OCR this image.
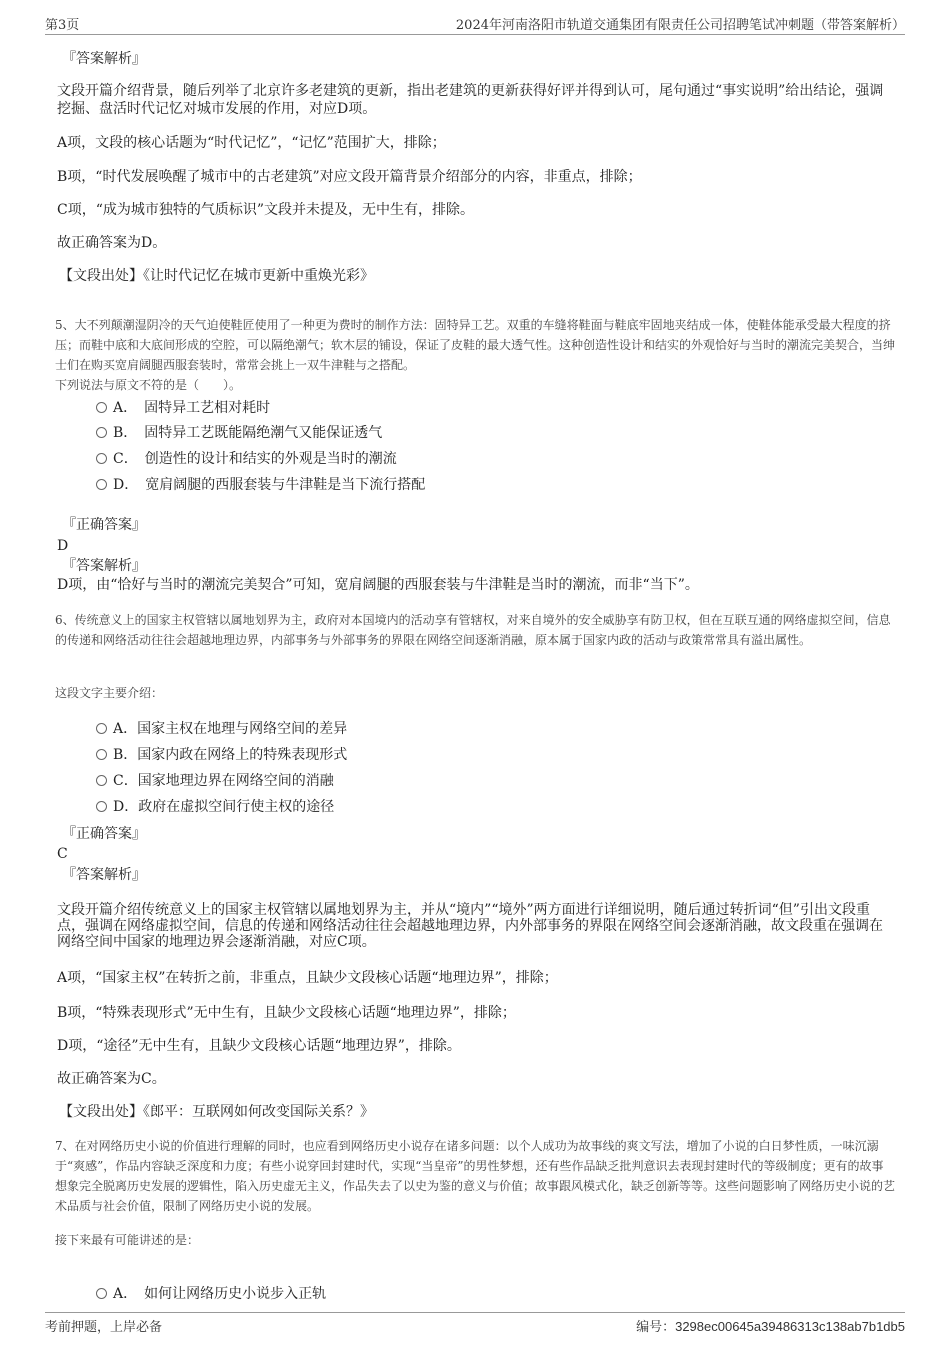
第3页	2024年河南洛阳市轨道交通集团有限责任公司招聘笔试冲刺题（带答案解析）
『答案解析』

文段开篇介绍背景，随后列举了北京许多老建筑的更新，指出老建筑的更新获得好评并得到认可，尾句通过“事实说明”给出结论，强调挖掘、盘活时代记忆对城市发展的作用，对应D项。

A项，文段的核心话题为“时代记忆”，“记忆”范围扩大，排除；

B项，“时代发展唤醒了城市中的古老建筑”对应文段开篇背景介绍部分的内容，非重点，排除；

C项，“成为城市独特的气质标识”文段并未提及，无中生有，排除。

故正确答案为D。

【文段出处】《让时代记忆在城市更新中重焕光彩》

5、大不列颠潮湿阴冷的天气迫使鞋匠使用了一种更为费时的制作方法：固特异工艺。双重的车缝将鞋面与鞋底牢固地夹结成一体，使鞋体能承受最大程度的挤压；而鞋中底和大底间形成的空腔，可以隔绝潮气；软木层的铺设，保证了皮鞋的最大透气性。这种创造性设计和结实的外观恰好与当时的潮流完美契合，当绅士们在购买宽肩阔腿西服套装时，常常会挑上一双牛津鞋与之搭配。

下列说法与原文不符的是（　　）。

A．　固特异工艺相对耗时
B．　固特异工艺既能隔绝潮气又能保证透气
C．　创造性的设计和结实的外观是当时的潮流
D．　宽肩阔腿的西服套装与牛津鞋是当下流行搭配
『正确答案』
D
『答案解析』

D项，由“恰好与当时的潮流完美契合”可知，宽肩阔腿的西服套装与牛津鞋是当时的潮流，而非“当下”。

6、传统意义上的国家主权管辖以属地划界为主，政府对本国境内的活动享有管辖权，对来自境外的安全威胁享有防卫权，但在互联互通的网络虚拟空间，信息的传递和网络活动往往会超越地理边界，内部事务与外部事务的界限在网络空间逐渐消融，原本属于国家内政的活动与政策常常具有溢出属性。

这段文字主要介绍：

A．国家主权在地理与网络空间的差异
B．国家内政在网络上的特殊表现形式
C．国家地理边界在网络空间的消融
D．政府在虚拟空间行使主权的途径
『正确答案』
C
『答案解析』

文段开篇介绍传统意义上的国家主权管辖以属地划界为主，并从“境内”“境外”两方面进行详细说明，随后通过转折词“但”引出文段重点，强调在网络虚拟空间，信息的传递和网络活动往往会超越地理边界，内外部事务的界限在网络空间会逐渐消融，故文段重在强调在网络空间中国家的地理边界会逐渐消融，对应C项。

A项，“国家主权”在转折之前，非重点，且缺少文段核心话题“地理边界”，排除；

B项，“特殊表现形式”无中生有，且缺少文段核心话题“地理边界”，排除；

D项，“途径”无中生有，且缺少文段核心话题“地理边界”，排除。

故正确答案为C。

【文段出处】《郎平：互联网如何改变国际关系？》

7、在对网络历史小说的价值进行理解的同时，也应看到网络历史小说存在诸多问题：以个人成功为故事线的爽文写法，增加了小说的白日梦性质，一味沉溺于“爽感”，作品内容缺乏深度和力度；有些小说穿回封建时代，实现“当皇帝”的男性梦想，还有些作品缺乏批判意识去表现封建时代的等级制度；更有的故事想象完全脱离历史发展的逻辑性，陷入历史虚无主义，作品失去了以史为鉴的意义与价值；故事跟风模式化，缺乏创新等等。这些问题影响了网络历史小说的艺术品质与社会价值，限制了网络历史小说的发展。

接下来最有可能讲述的是：

A．　如何让网络历史小说步入正轨
考前押题，上岸必备	编号：3298ec00645a39486313c138ab7b1db5
